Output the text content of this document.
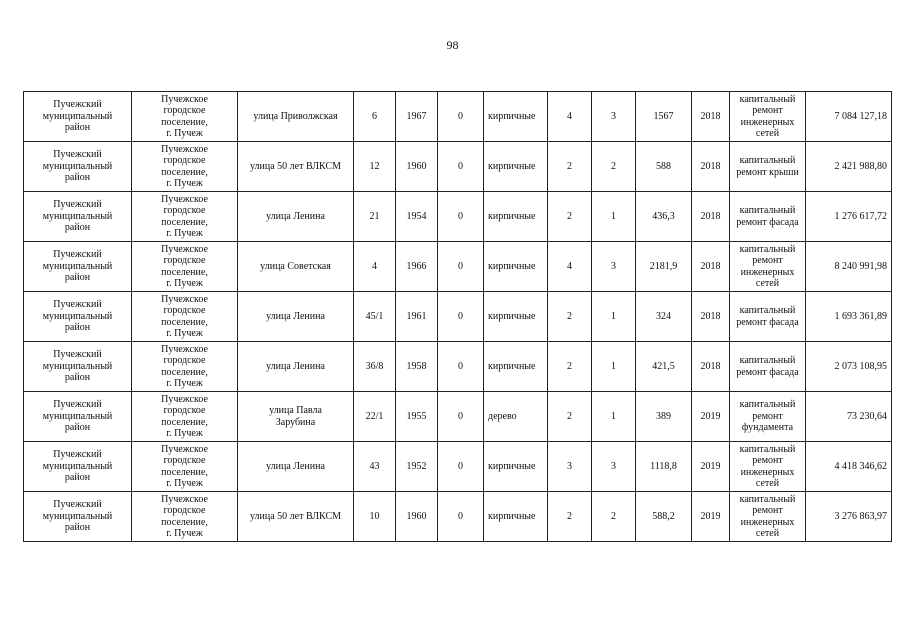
98
Пучежский
муниципальный
район	Пучежское
городское
поселение,
г. Пучеж	улица Приволжская	6	1967	0	кирпичные	4	3	1567	2018	капитальный
ремонт
инженерных
сетей	7 084 127,18
Пучежский
муниципальный
район	Пучежское
городское
поселение,
г. Пучеж	улица 50 лет ВЛКСМ	12	1960	0	кирпичные	2	2	588	2018	капитальный
ремонт крыши	2 421 988,80
Пучежский
муниципальный
район	Пучежское
городское
поселение,
г. Пучеж	улица Ленина	21	1954	0	кирпичные	2	1	436,3	2018	капитальный
ремонт фасада	1 276 617,72
Пучежский
муниципальный
район	Пучежское
городское
поселение,
г. Пучеж	улица Советская	4	1966	0	кирпичные	4	3	2181,9	2018	капитальный
ремонт
инженерных
сетей	8 240 991,98
Пучежский
муниципальный
район	Пучежское
городское
поселение,
г. Пучеж	улица Ленина	45/1	1961	0	кирпичные	2	1	324	2018	капитальный
ремонт фасада	1 693 361,89
Пучежский
муниципальный
район	Пучежское
городское
поселение,
г. Пучеж	улица Ленина	36/8	1958	0	кирпичные	2	1	421,5	2018	капитальный
ремонт фасада	2 073 108,95
Пучежский
муниципальный
район	Пучежское
городское
поселение,
г. Пучеж	улица Павла
Зарубина	22/1	1955	0	дерево	2	1	389	2019	капитальный
ремонт
фундамента	73 230,64
Пучежский
муниципальный
район	Пучежское
городское
поселение,
г. Пучеж	улица Ленина	43	1952	0	кирпичные	3	3	1118,8	2019	капитальный
ремонт
инженерных
сетей	4 418 346,62
Пучежский
муниципальный
район	Пучежское
городское
поселение,
г. Пучеж	улица 50 лет ВЛКСМ	10	1960	0	кирпичные	2	2	588,2	2019	капитальный
ремонт
инженерных
сетей	3 276 863,97
